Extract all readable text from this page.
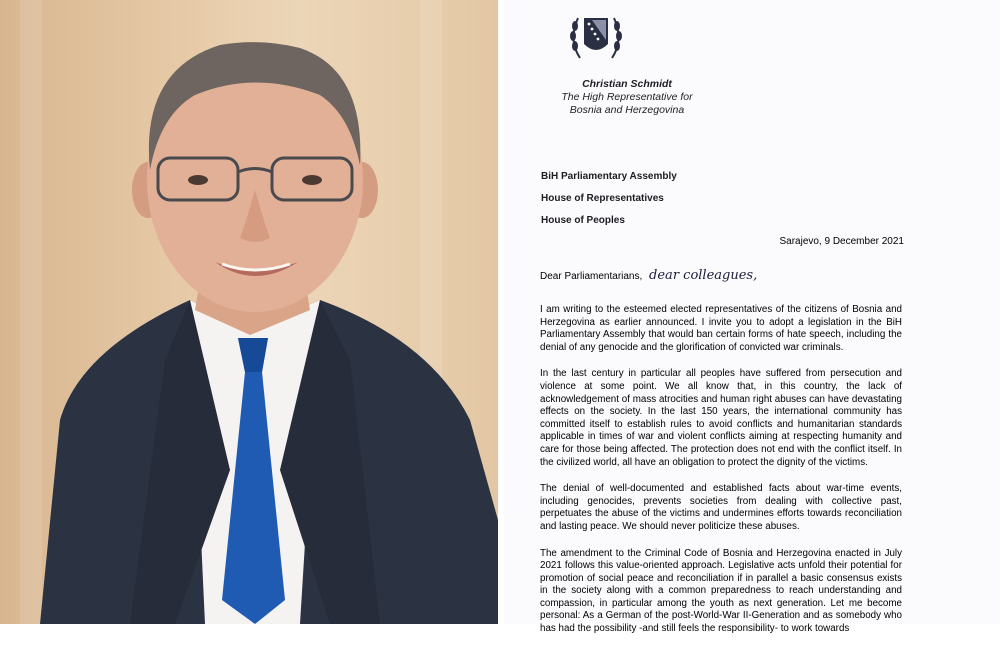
Christian Schmidt
The High Representative for
Bosnia and Herzegovina
BiH Parliamentary Assembly
House of Representatives
House of Peoples
Sarajevo, 9 December 2021
Dear Parliamentarians, dear colleagues,

I am writing to the esteemed elected representatives of the citizens of Bosnia and Herzegovina as earlier announced. I invite you to adopt a legislation in the BiH Parliamentary Assembly that would ban certain forms of hate speech, including the denial of any genocide and the glorification of convicted war criminals.

In the last century in particular all peoples have suffered from persecution and violence at some point. We all know that, in this country, the lack of acknowledgement of mass atrocities and human right abuses can have devastating effects on the society. In the last 150 years, the international community has committed itself to establish rules to avoid conflicts and humanitarian standards applicable in times of war and violent conflicts aiming at respecting humanity and care for those being affected. The protection does not end with the conflict itself. In the civilized world, all have an obligation to protect the dignity of the victims.

The denial of well-documented and established facts about war-time events, including genocides, prevents societies from dealing with collective past, perpetuates the abuse of the victims and undermines efforts towards reconciliation and lasting peace. We should never politicize these abuses.

The amendment to the Criminal Code of Bosnia and Herzegovina enacted in July 2021 follows this value-oriented approach. Legislative acts unfold their potential for promotion of social peace and reconciliation if in parallel a basic consensus exists in the society along with a common preparedness to reach understanding and compassion, in particular among the youth as next generation. Let me become personal: As a German of the post-World-War II-Generation and as somebody who has had the possibility -and still feels the responsibility- to work towards
